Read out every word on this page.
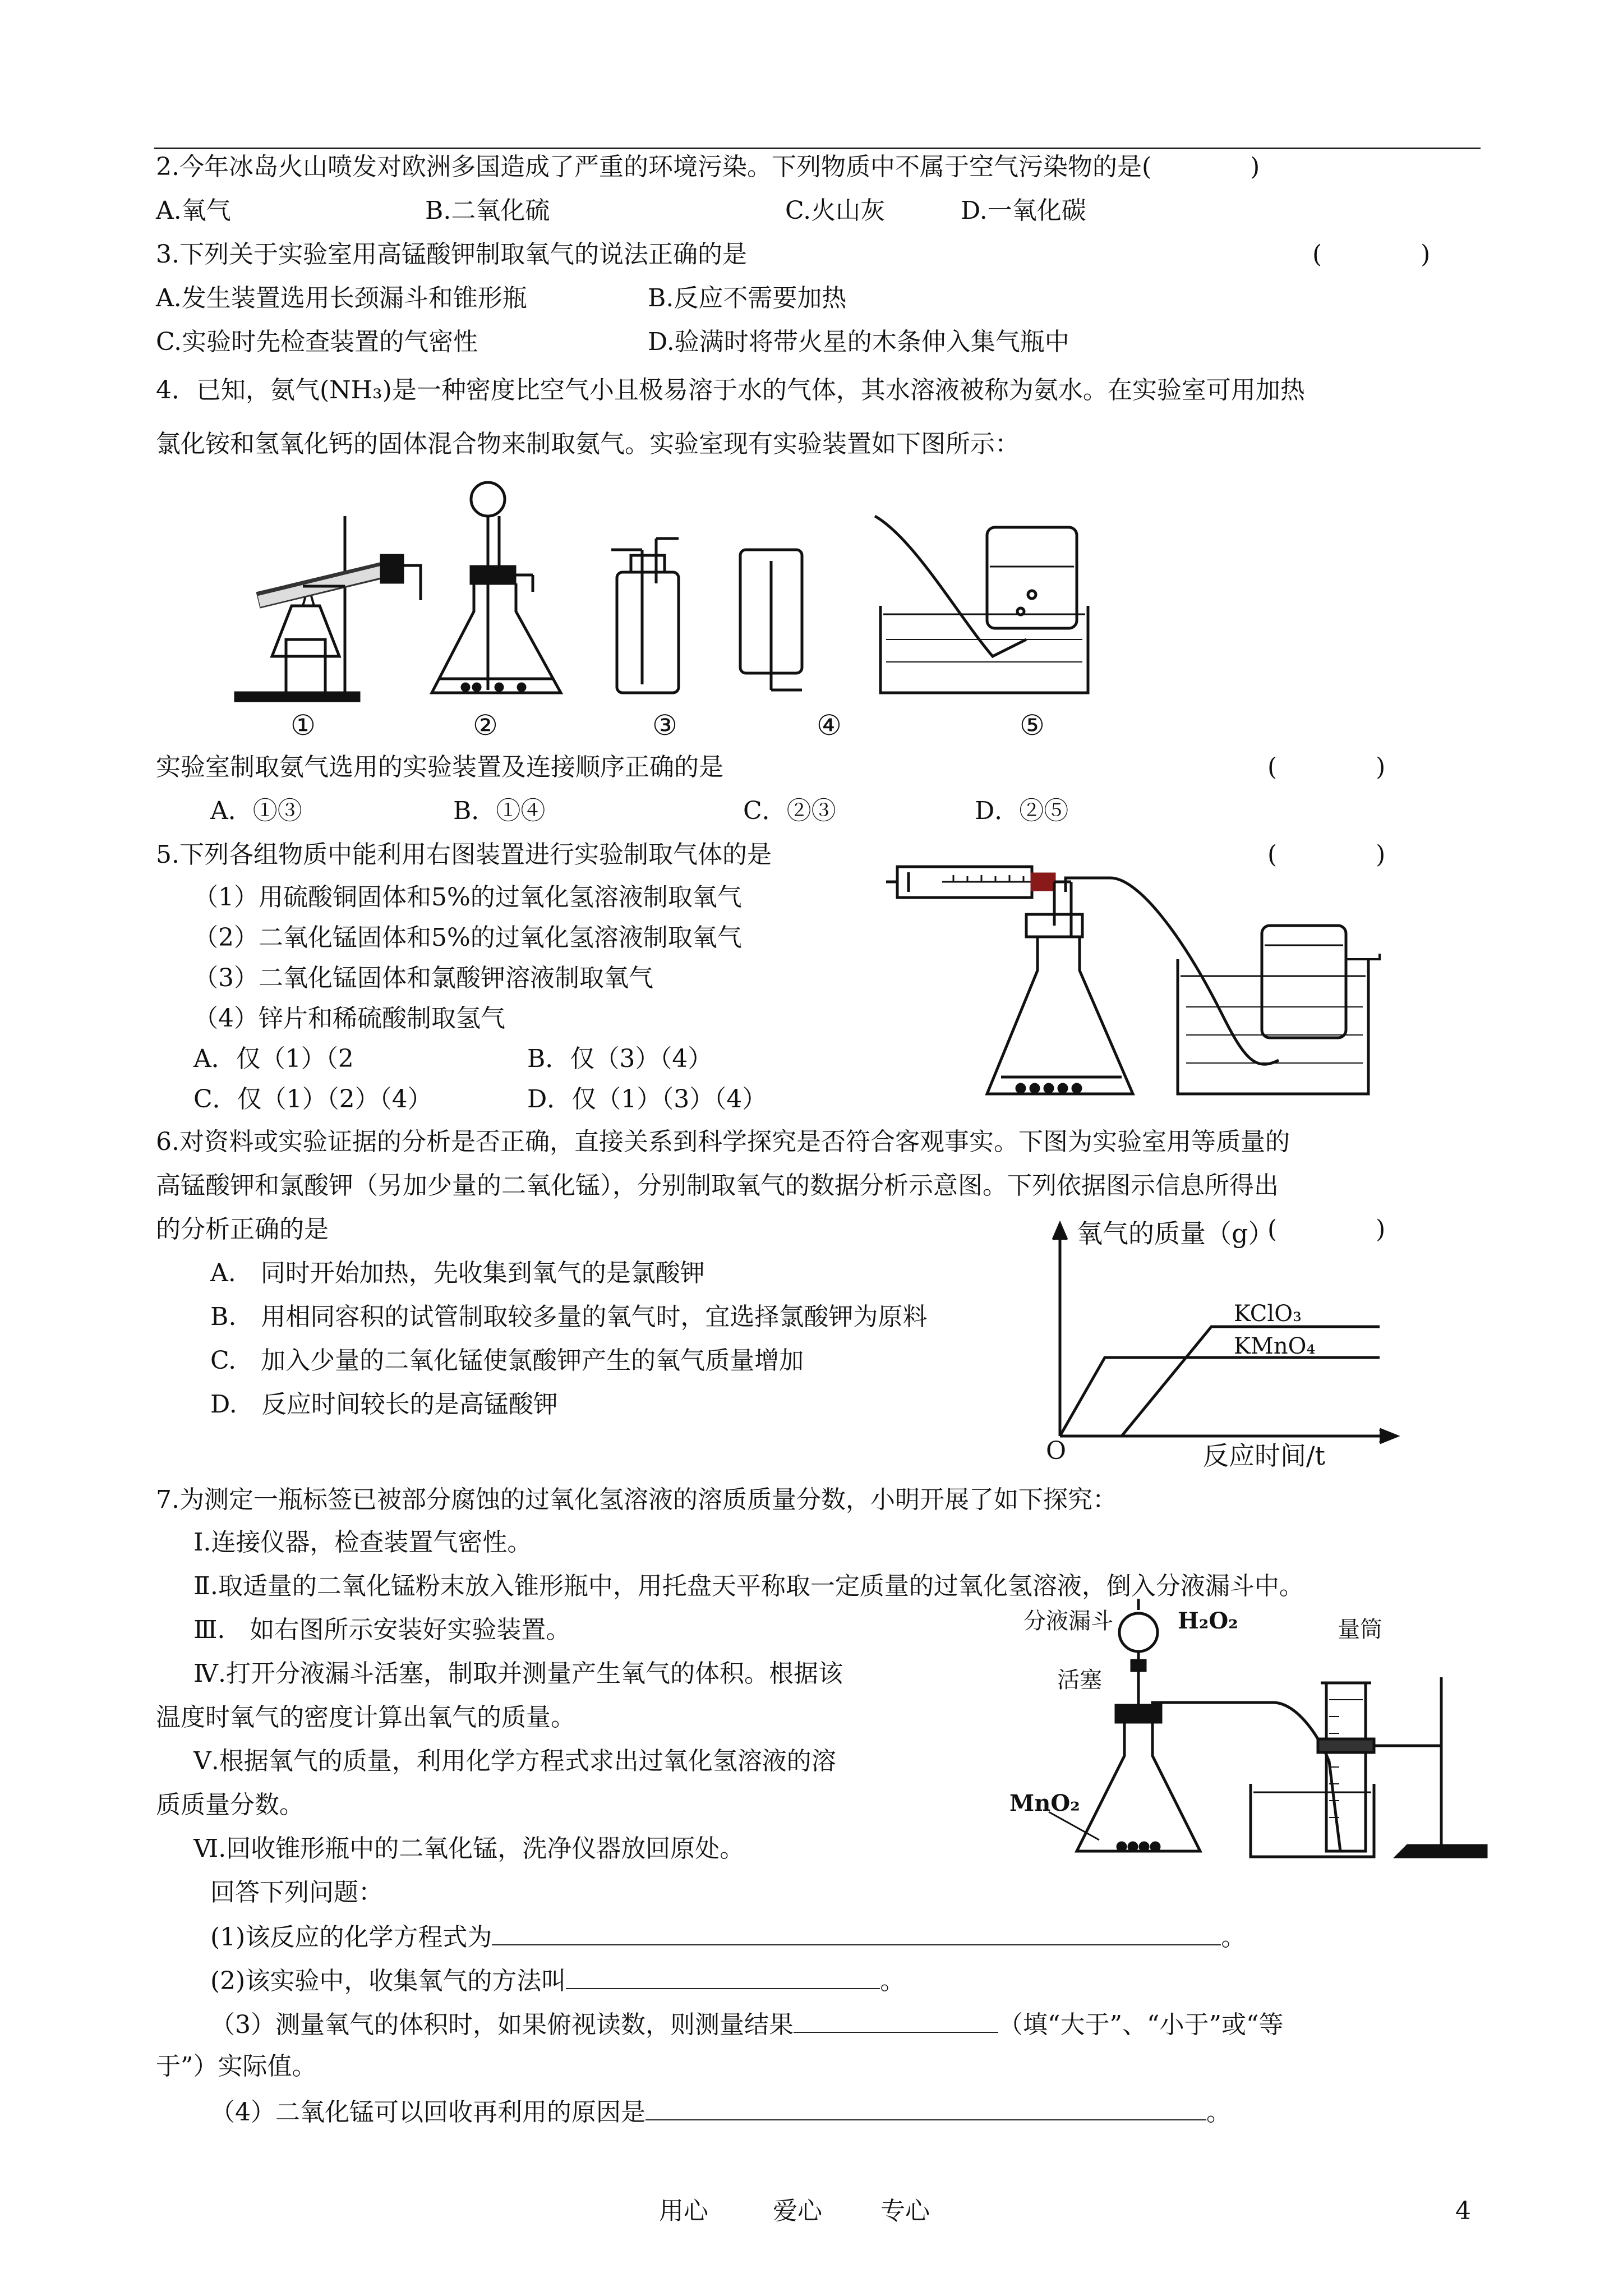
2.今年冰岛火山喷发对欧洲多国造成了严重的环境污染。下列物质中不属于空气污染物的是(　　　　)
A.氧气	B.二氧化硫	C.火山灰	D.一氧化碳
3.下列关于实验室用高锰酸钾制取氧气的说法正确的是	(　　　　)
A.发生装置选用长颈漏斗和锥形瓶	B.反应不需要加热
C.实验时先检查装置的气密性	D.验满时将带火星的木条伸入集气瓶中
4．已知，氨气(NH₃)是一种密度比空气小且极易溶于水的气体，其水溶液被称为氨水。在实验室可用加热
氯化铵和氢氧化钙的固体混合物来制取氨气。实验室现有实验装置如下图所示：
①	②	③	④	⑤
实验室制取氨气选用的实验装置及连接顺序正确的是	(　　　　)
A．①③	B．①④	C．②③	D．②⑤
5.下列各组物质中能利用右图装置进行实验制取气体的是	(　　　　)
（1）用硫酸铜固体和5%的过氧化氢溶液制取氧气
（2）二氧化锰固体和5%的过氧化氢溶液制取氧气
（3）二氧化锰固体和氯酸钾溶液制取氧气
（4）锌片和稀硫酸制取氢气
A．仅（1）（2	B．仅（3）（4）
C．仅（1）（2）（4）	D．仅（1）（3）（4）
6.对资料或实验证据的分析是否正确，直接关系到科学探究是否符合客观事实。下图为实验室用等质量的
高锰酸钾和氯酸钾（另加少量的二氧化锰），分别制取氧气的数据分析示意图。下列依据图示信息所得出
的分析正确的是	(　　　　)
A.　同时开始加热，先收集到氧气的是氯酸钾
B.　用相同容积的试管制取较多量的氧气时，宜选择氯酸钾为原料
C.　加入少量的二氧化锰使氯酸钾产生的氧气质量增加
D.　反应时间较长的是高锰酸钾
氧气的质量（g）
O	反应时间/t
KClO₃
KMnO₄
7.为测定一瓶标签已被部分腐蚀的过氧化氢溶液的溶质质量分数，小明开展了如下探究：
Ⅰ.连接仪器，检查装置气密性。
Ⅱ.取适量的二氧化锰粉末放入锥形瓶中，用托盘天平称取一定质量的过氧化氢溶液，倒入分液漏斗中。
Ⅲ.　如右图所示安装好实验装置。
Ⅳ.打开分液漏斗活塞，制取并测量产生氧气的体积。根据该
温度时氧气的密度计算出氧气的质量。
Ⅴ.根据氧气的质量，利用化学方程式求出过氧化氢溶液的溶
质质量分数。
Ⅵ.回收锥形瓶中的二氧化锰，洗净仪器放回原处。
回答下列问题：
(1)该反应的化学方程式为	。
(2)该实验中，收集氧气的方法叫	。
（3）测量氧气的体积时，如果俯视读数，则测量结果	（填“大于”、“小于”或“等
于”）实际值。
（4）二氧化锰可以回收再利用的原因是	。
分液漏斗	H₂O₂
活塞
量筒
MnO₂
用心	爱心 专心	4
